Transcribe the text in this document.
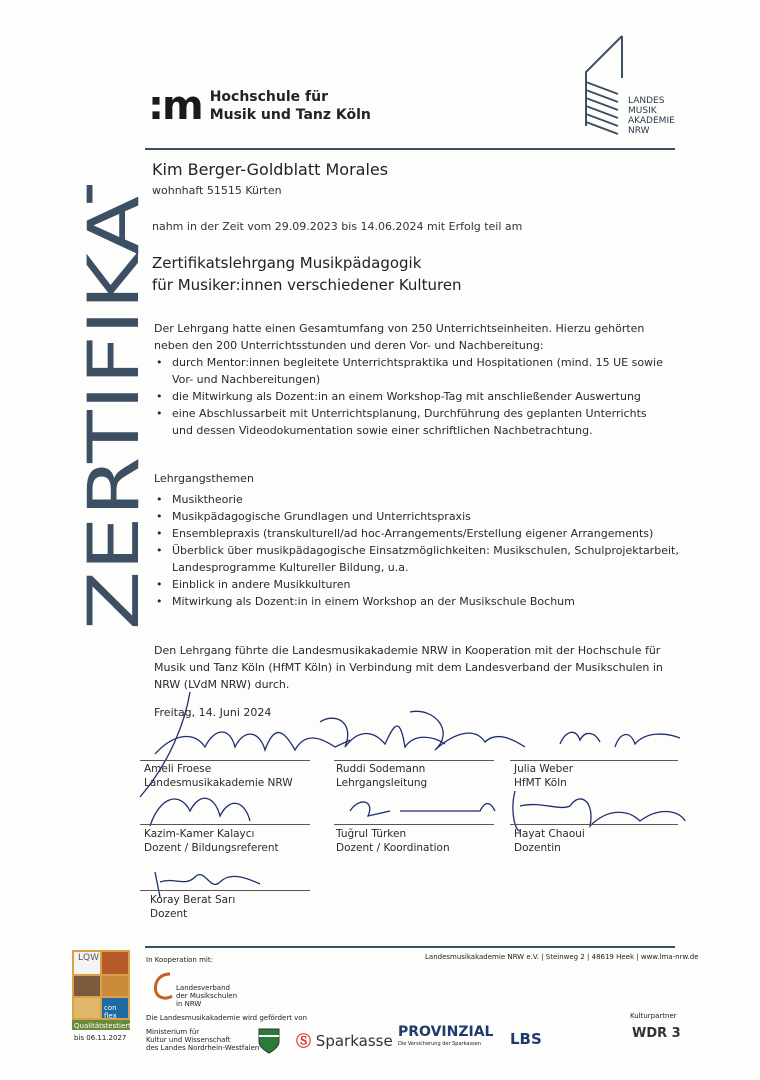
ZERTIFIKAT
:m Hochschule für
Musik und Tanz Köln
LANDES
MUSIK
AKADEMIE
NRW
Kim Berger-Goldblatt Morales
wohnhaft 51515 Kürten
nahm in der Zeit vom 29.09.2023 bis 14.06.2024 mit Erfolg teil am
Zertifikatslehrgang Musikpädagogik
für Musiker:innen verschiedener Kulturen

Der Lehrgang hatte einen Gesamtumfang von 250 Unterrichtseinheiten. Hierzu gehörten neben den 200 Unterrichtsstunden und deren Vor- und Nachbereitung:

• durch Mentor:innen begleitete Unterrichtspraktika und Hospitationen (mind. 15 UE sowie Vor- und Nachbereitungen)
• die Mitwirkung als Dozent:in an einem Workshop-Tag mit anschließender Auswertung
• eine Abschlussarbeit mit Unterrichtsplanung, Durchführung des geplanten Unterrichts und dessen Videodokumentation sowie einer schriftlichen Nachbetrachtung.

Lehrgangsthemen

• Musiktheorie
• Musikpädagogische Grundlagen und Unterrichtspraxis
• Ensemblepraxis (transkulturell/ad hoc-Arrangements/Erstellung eigener Arrangements)
• Überblick über musikpädagogische Einsatzmöglichkeiten: Musikschulen, Schulprojektarbeit, Landesprogramme Kultureller Bildung, u.a.
• Einblick in andere Musikkulturen
• Mitwirkung als Dozent:in in einem Workshop an der Musikschule Bochum
Den Lehrgang führte die Landesmusikakademie NRW in Kooperation mit der Hochschule für Musik und Tanz Köln (HfMT Köln) in Verbindung mit dem Landesverband der Musikschulen in NRW (LVdM NRW) durch.
Freitag, 14. Juni 2024
Ameli Froese
Landesmusikakademie NRW
Ruddi Sodemann
Lehrgangsleitung
Julia Weber
HfMT Köln
Kazim-Kamer Kalaycı
Dozent / Bildungsreferent
Tuğrul Türken
Dozent / Koordination
Hayat Chaoui
Dozentin
Koray Berat Sarı
Dozent
LQW
con flex
Qualitätstestiert
bis 06.11.2027
In Kooperation mit:	Landesmusikakademie NRW e.V. | Steinweg 2 | 48619 Heek | www.lma-nrw.de
Landesverband
der Musikschulen
in NRW
Die Landesmusikakademie wird gefördert von
Ministerium für
Kultur und Wissenschaft
des Landes Nordrhein-Westfalen Ⓢ Sparkasse PROVINZIAL
Die Versicherung der Sparkassen	LBS
Kulturpartner
WDR 3
